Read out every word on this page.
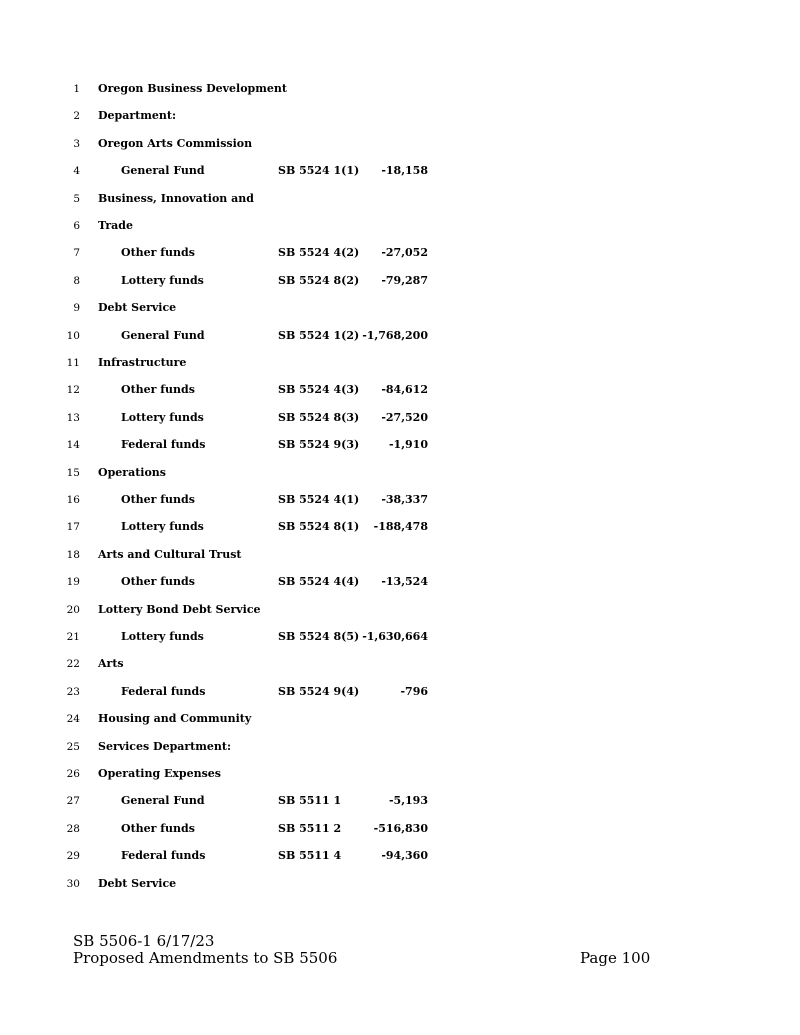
1 Oregon Business Development
2 Department:
3 Oregon Arts Commission
4	General Fund	SB 5524 1(1)	-18,158
5 Business, Innovation and
6 Trade
7	Other funds	SB 5524 4(2)	-27,052
8	Lottery funds	SB 5524 8(2)	-79,287
9 Debt Service
10	General Fund	SB 5524 1(2) -1,768,200
11 Infrastructure
12	Other funds	SB 5524 4(3)	-84,612
13	Lottery funds	SB 5524 8(3)	-27,520
14	Federal funds	SB 5524 9(3)	-1,910
15 Operations
16	Other funds	SB 5524 4(1)	-38,337
17	Lottery funds	SB 5524 8(1)	-188,478
18 Arts and Cultural Trust
19	Other funds	SB 5524 4(4)	-13,524
20 Lottery Bond Debt Service
21	Lottery funds	SB 5524 8(5) -1,630,664
22 Arts
23	Federal funds	SB 5524 9(4)	-796
24 Housing and Community
25 Services Department:
26 Operating Expenses
27	General Fund	SB 5511 1	-5,193
28	Other funds	SB 5511 2	-516,830
29	Federal funds	SB 5511 4	-94,360
30 Debt Service
SB 5506-1 6/17/23
Proposed Amendments to SB 5506	Page 100
